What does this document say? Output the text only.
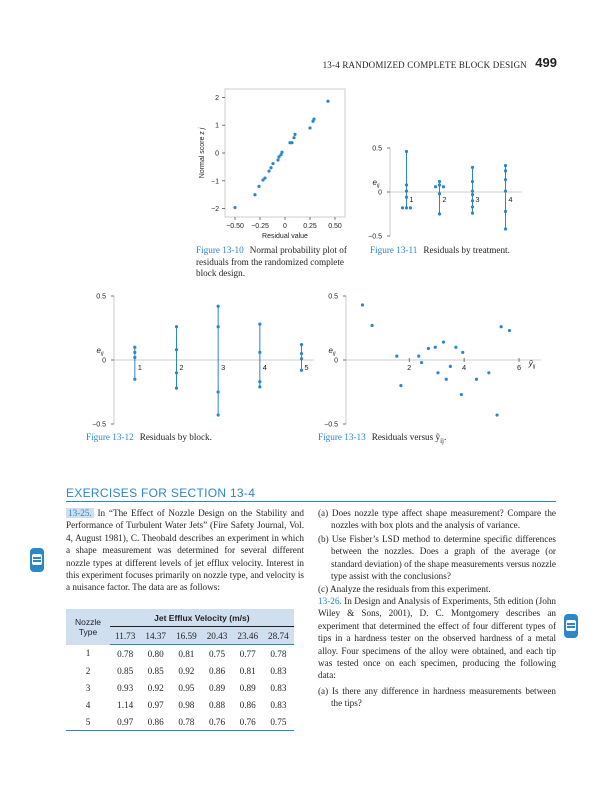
13-4 RANDOMIZED COMPLETE BLOCK DESIGN 499
−0.50 −0.25 0 0.25 0.50
−2
−1
0
1
2
Residual value
Normal score z j
Figure 13-10 Normal probability plot of residuals from the randomized complete block design.
−0.5
0
0.5
1	2	3	4
$e_{ij}$
Figure 13-11 Residuals by treatment.
−0.5
0
0.5
1	2	3	4	5
$e_{ij}$
Figure 13-12 Residuals by block.
−0.5
0
0.5
2	4	6
$e_{ij}$
$ŷ_{ij}$
Figure 13-13 Residuals versus $ŷ_{ij}$.
EXERCISES FOR SECTION 13-4

13-25. In “The Effect of Nozzle Design on the Stability and Performance of Turbulent Water Jets” (Fire Safety Journal, Vol. 4, August 1981), C. Theobald describes an experiment in which a shape measurement was determined for several different nozzle types at different levels of jet efflux velocity. Interest in this experiment focuses primarily on nozzle type, and velocity is a nuisance factor. The data are as follows:

Nozzle Type	Jet Efflux Velocity (m/s)					
	11.73	14.37	16.59	20.43	23.46	28.74
1	0.78	0.80	0.81	0.75	0.77	0.78
2	0.85	0.85	0.92	0.86	0.81	0.83
3	0.93	0.92	0.95	0.89	0.89	0.83
4	1.14	0.97	0.98	0.88	0.86	0.83
5	0.97	0.86	0.78	0.76	0.76	0.75

(a) Does nozzle type affect shape measurement? Compare the nozzles with box plots and the analysis of variance.

(b) Use Fisher’s LSD method to determine specific differences between the nozzles. Does a graph of the average (or standard deviation) of the shape measurements versus nozzle type assist with the conclusions?

(c) Analyze the residuals from this experiment.

13-26. In Design and Analysis of Experiments, 5th edition (John Wiley & Sons, 2001), D. C. Montgomery describes an experiment that determined the effect of four different types of tips in a hardness tester on the observed hardness of a metal alloy. Four specimens of the alloy were obtained, and each tip was tested once on each specimen, producing the following data:

(a) Is there any difference in hardness measurements between the tips?
